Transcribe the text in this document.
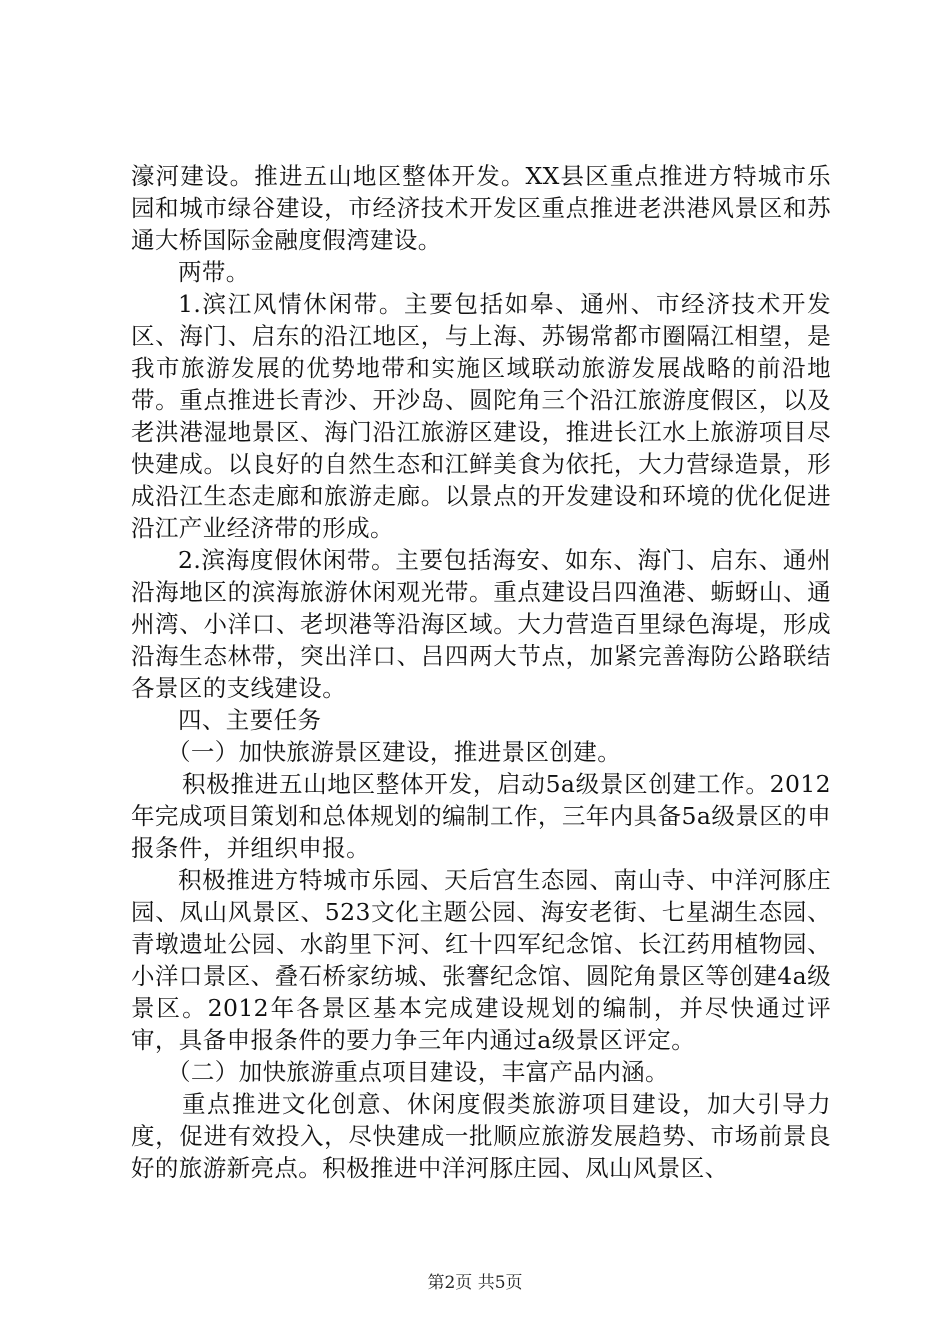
濠河建设。推进五山地区整体开发。XX县区重点推进方特城市乐园和城市绿谷建设，市经济技术开发区重点推进老洪港风景区和苏通大桥国际金融度假湾建设。

两带。

1.滨江风情休闲带。主要包括如皋、通州、市经济技术开发区、海门、启东的沿江地区，与上海、苏锡常都市圈隔江相望，是我市旅游发展的优势地带和实施区域联动旅游发展战略的前沿地带。重点推进长青沙、开沙岛、圆陀角三个沿江旅游度假区，以及老洪港湿地景区、海门沿江旅游区建设，推进长江水上旅游项目尽快建成。以良好的自然生态和江鲜美食为依托，大力营绿造景，形成沿江生态走廊和旅游走廊。以景点的开发建设和环境的优化促进沿江产业经济带的形成。

2.滨海度假休闲带。主要包括海安、如东、海门、启东、通州沿海地区的滨海旅游休闲观光带。重点建设吕四渔港、蛎蚜山、通州湾、小洋口、老坝港等沿海区域。大力营造百里绿色海堤，形成沿海生态林带，突出洋口、吕四两大节点，加紧完善海防公路联结各景区的支线建设。

四、主要任务

（一）加快旅游景区建设，推进景区创建。

积极推进五山地区整体开发，启动5a级景区创建工作。2012年完成项目策划和总体规划的编制工作，三年内具备5a级景区的申报条件，并组织申报。

积极推进方特城市乐园、天后宫生态园、南山寺、中洋河豚庄园、凤山风景区、523文化主题公园、海安老街、七星湖生态园、青墩遗址公园、水韵里下河、红十四军纪念馆、长江药用植物园、小洋口景区、叠石桥家纺城、张謇纪念馆、圆陀角景区等创建4a级景区。2012年各景区基本完成建设规划的编制，并尽快通过评审，具备申报条件的要力争三年内通过a级景区评定。

（二）加快旅游重点项目建设，丰富产品内涵。

重点推进文化创意、休闲度假类旅游项目建设，加大引导力度，促进有效投入，尽快建成一批顺应旅游发展趋势、市场前景良好的旅游新亮点。积极推进中洋河豚庄园、凤山风景区、

第2页 共5页
